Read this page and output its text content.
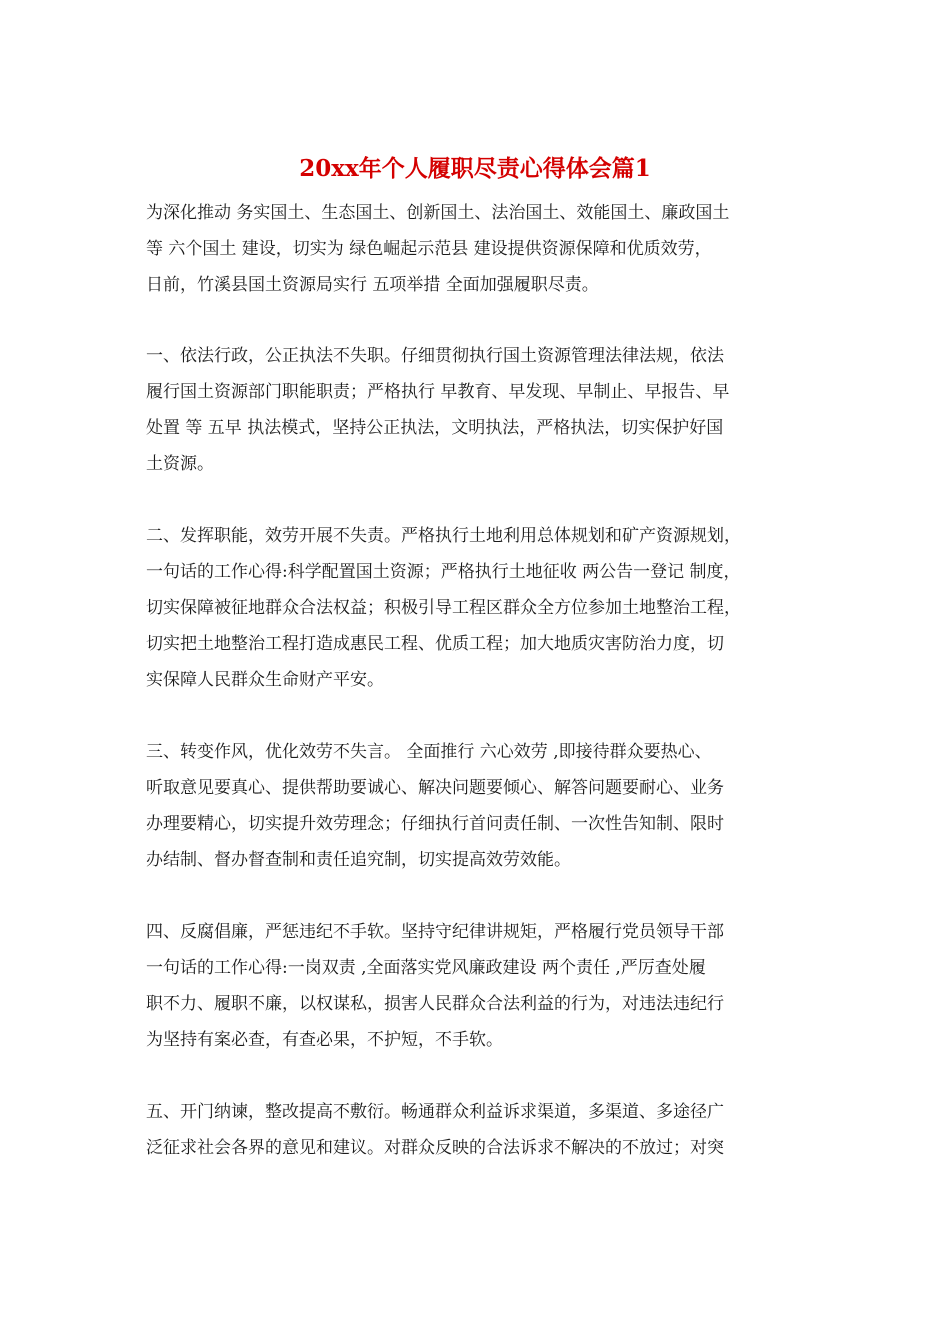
20xx年个人履职尽责心得体会篇1
为深化推动 务实国土、生态国土、创新国土、法治国土、效能国土、廉政国土
等 六个国土 建设，切实为 绿色崛起示范县 建设提供资源保障和优质效劳，
日前，竹溪县国土资源局实行 五项举措 全面加强履职尽责。
一、依法行政，公正执法不失职。仔细贯彻执行国土资源管理法律法规，依法
履行国土资源部门职能职责；严格执行 早教育、早发现、早制止、早报告、早
处置 等 五早 执法模式，坚持公正执法，文明执法，严格执法，切实保护好国
土资源。
二、发挥职能，效劳开展不失责。严格执行土地利用总体规划和矿产资源规划，
一句话的工作心得:科学配置国土资源；严格执行土地征收 两公告一登记 制度，
切实保障被征地群众合法权益；积极引导工程区群众全方位参加土地整治工程，
切实把土地整治工程打造成惠民工程、优质工程；加大地质灾害防治力度，切
实保障人民群众生命财产平安。
三、转变作风，优化效劳不失言。 全面推行 六心效劳 ,即接待群众要热心、
听取意见要真心、提供帮助要诚心、解决问题要倾心、解答问题要耐心、业务
办理要精心，切实提升效劳理念；仔细执行首问责任制、一次性告知制、限时
办结制、督办督查制和责任追究制，切实提高效劳效能。
四、反腐倡廉，严惩违纪不手软。坚持守纪律讲规矩，严格履行党员领导干部
一句话的工作心得:一岗双责 ,全面落实党风廉政建设 两个责任 ,严厉查处履
职不力、履职不廉，以权谋私，损害人民群众合法利益的行为，对违法违纪行
为坚持有案必查，有查必果，不护短，不手软。
五、开门纳谏，整改提高不敷衍。畅通群众利益诉求渠道，多渠道、多途径广
泛征求社会各界的意见和建议。对群众反映的合法诉求不解决的不放过；对突
